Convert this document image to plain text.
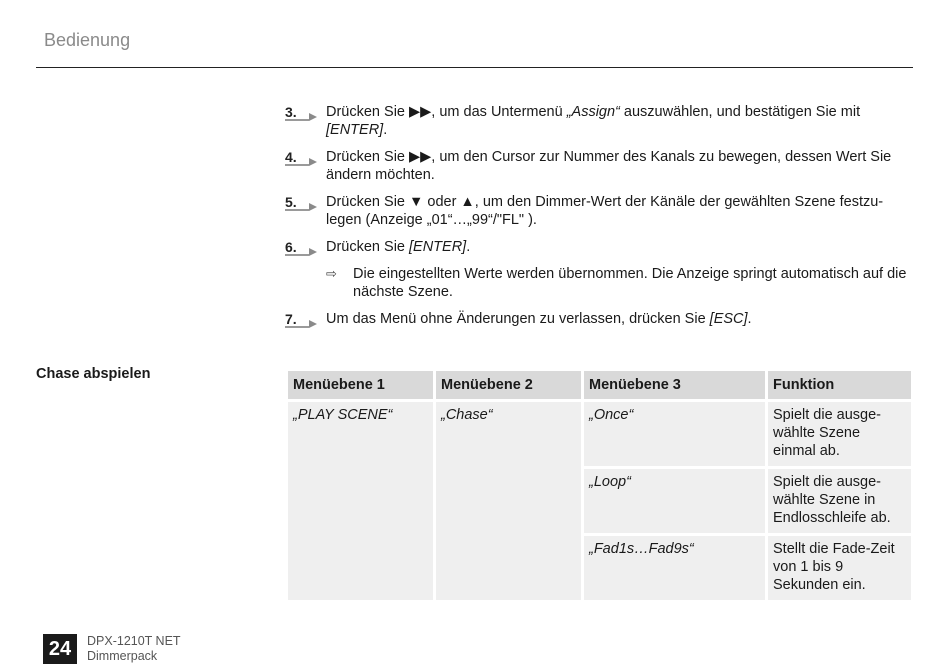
Bedienung
3. Drücken Sie ▶▶, um das Untermenü „Assign“ auszuwählen, und bestätigen Sie mit [ENTER].
4. Drücken Sie ▶▶, um den Cursor zur Nummer des Kanals zu bewegen, dessen Wert Sie ändern möchten.
5. Drücken Sie ▼ oder ▲, um den Dimmer-Wert der Känäle der gewählten Szene festzu-legen (Anzeige „01“…„99“/"FL" ).
6. Drücken Sie [ENTER].
⇨ Die eingestellten Werte werden übernommen. Die Anzeige springt automatisch auf die nächste Szene.
7. Um das Menü ohne Änderungen zu verlassen, drücken Sie [ESC].
Chase abspielen
Menüebene 1	Menüebene 2	Menüebene 3	Funktion
„PLAY SCENE“	„Chase“	„Once“	Spielt die ausge-wählte Szene einmal ab.
		„Loop“	Spielt die ausge-wählte Szene in Endlosschleife ab.
		„Fad1s…Fad9s“	Stellt die Fade-Zeit von 1 bis 9 Sekunden ein.
24	DPX-1210T NET
Dimmerpack
